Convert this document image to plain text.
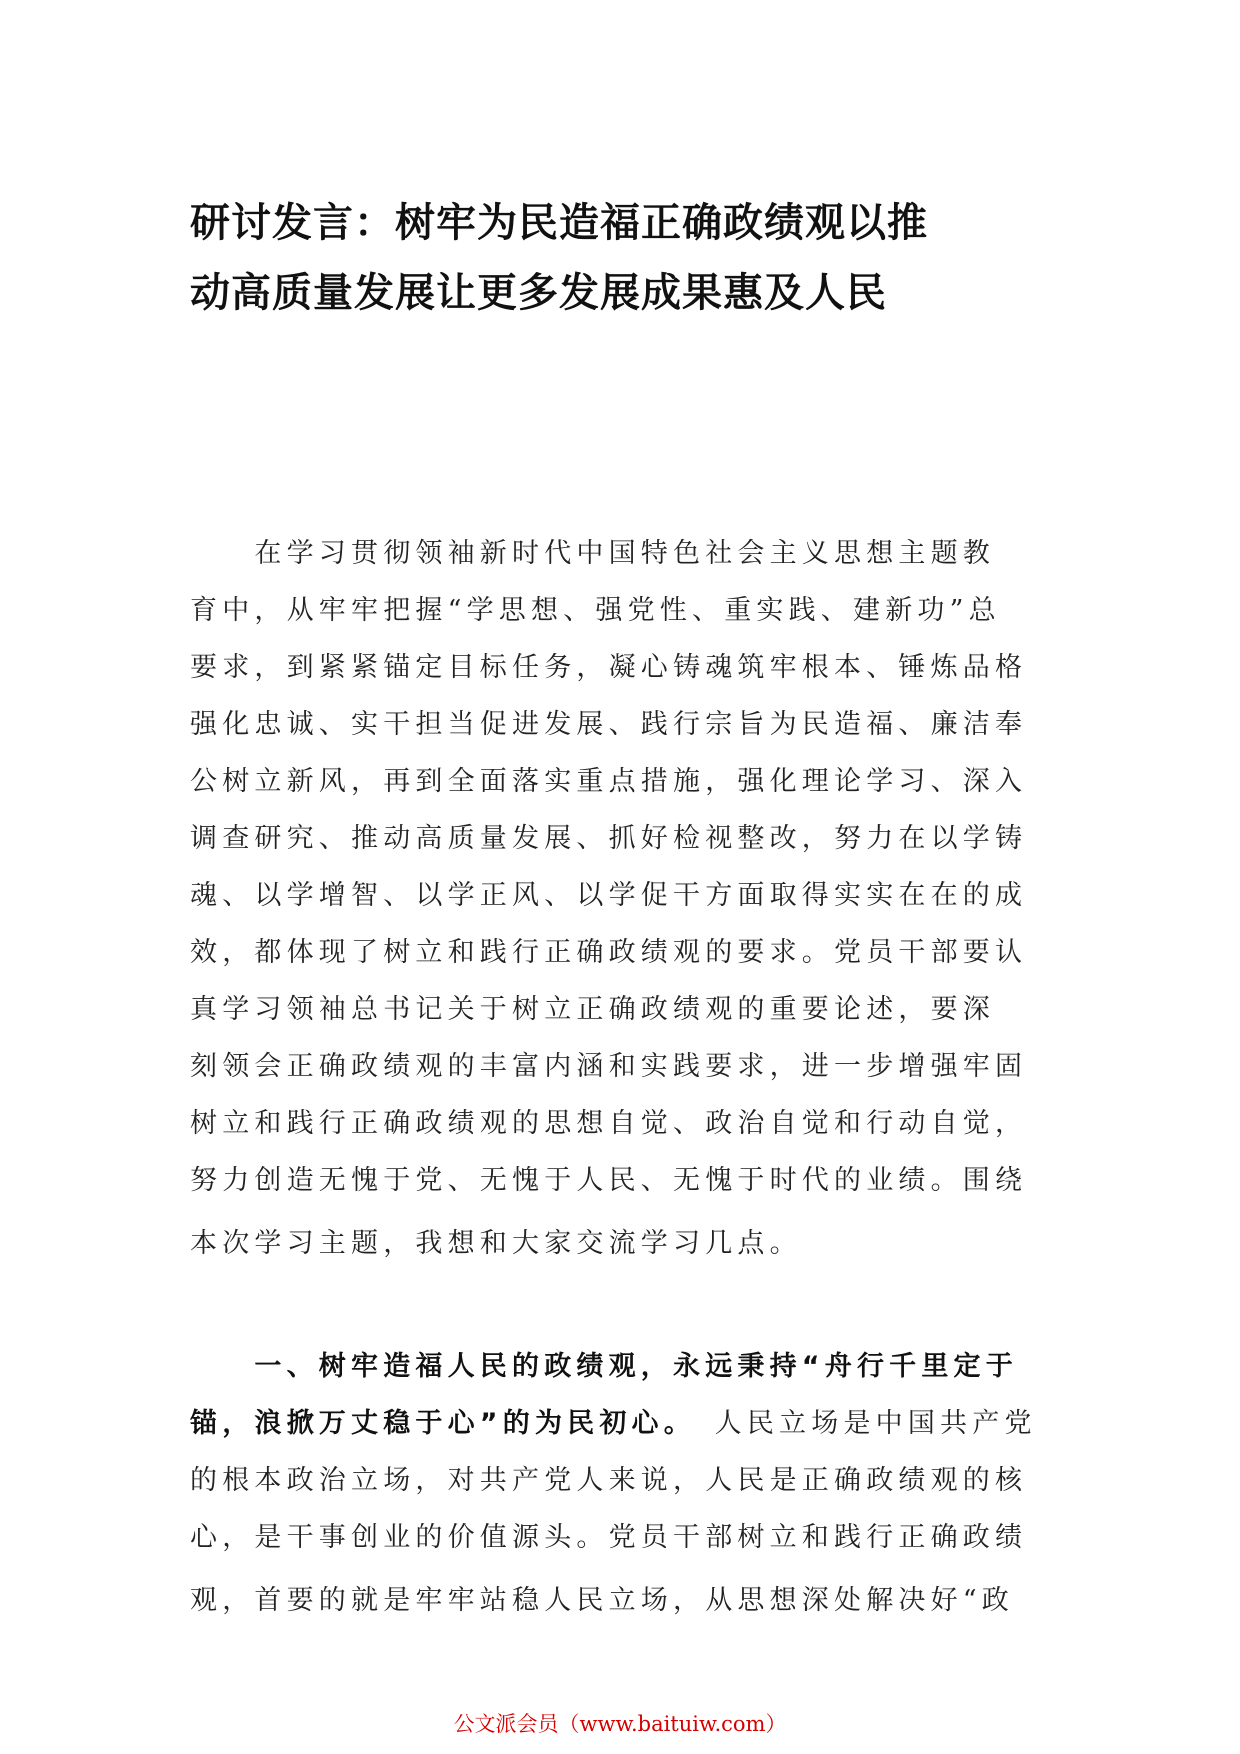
研讨发言：树牢为民造福正确政绩观以推
动高质量发展让更多发展成果惠及人民
　　在学习贯彻领袖新时代中国特色社会主义思想主题教
育中，从牢牢把握“学思想、强党性、重实践、建新功”总
要求，到紧紧锚定目标任务，凝心铸魂筑牢根本、锤炼品格
强化忠诚、实干担当促进发展、践行宗旨为民造福、廉洁奉
公树立新风，再到全面落实重点措施，强化理论学习、深入
调查研究、推动高质量发展、抓好检视整改，努力在以学铸
魂、以学增智、以学正风、以学促干方面取得实实在在的成
效，都体现了树立和践行正确政绩观的要求。党员干部要认
真学习领袖总书记关于树立正确政绩观的重要论述，要深
刻领会正确政绩观的丰富内涵和实践要求，进一步增强牢固
树立和践行正确政绩观的思想自觉、政治自觉和行动自觉，
努力创造无愧于党、无愧于人民、无愧于时代的业绩。围绕
本次学习主题，我想和大家交流学习几点。
　　一、树牢造福人民的政绩观，永远秉持“舟行千里定于
锚，浪掀万丈稳于心”的为民初心。　人民立场是中国共产党
的根本政治立场，对共产党人来说，人民是正确政绩观的核
心，是干事创业的价值源头。党员干部树立和践行正确政绩
观，首要的就是牢牢站稳人民立场，从思想深处解决好“政
公文派会员（www.baituiw.com）
